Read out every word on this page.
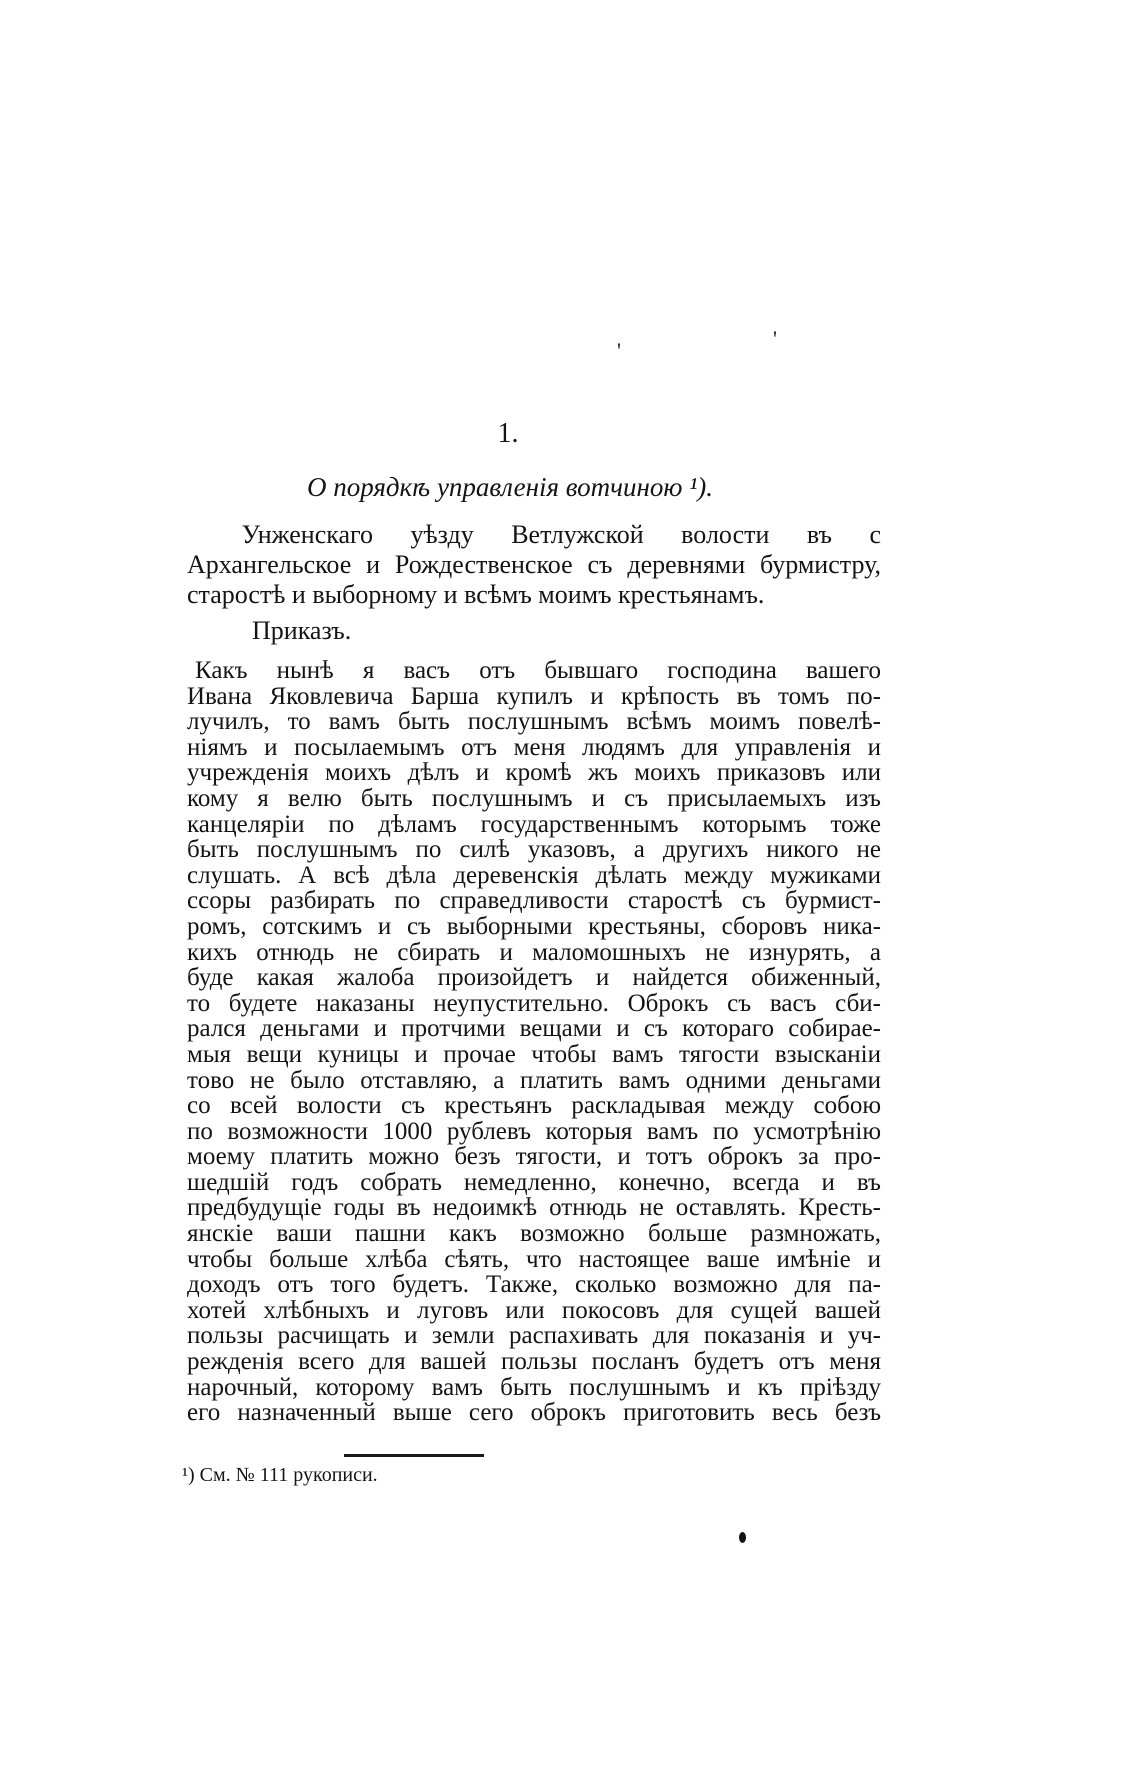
'	'
1.
О порядкѣ управленія вотчиною ¹).
Унженскаго уѣзду Ветлужской волости въ с Архангельское и Рождественское съ деревнями бурмистру, старостѣ и выборному и всѣмъ моимъ крестьянамъ.
Приказъ.
Какъ нынѣ я васъ отъ бывшаго господина вашего
Ивана Яковлевича Барша купилъ и крѣпость въ томъ по-
лучилъ, то вамъ быть послушнымъ всѣмъ моимъ повелѣ-
ніямъ и посылаемымъ отъ меня людямъ для управленія и
учрежденія моихъ дѣлъ и кромѣ жъ моихъ приказовъ или
кому я велю быть послушнымъ и съ присылаемыхъ изъ
канцеляріи по дѣламъ государственнымъ которымъ тоже
быть послушнымъ по силѣ указовъ, а другихъ никого не
слушать. А всѣ дѣла деревенскія дѣлать между мужиками
ссоры разбирать по справедливости старостѣ съ бурмист-
ромъ, сотскимъ и съ выборными крестьяны, сборовъ ника-
кихъ отнюдь не сбирать и маломошныхъ не изнурять, а
буде какая жалоба произойдетъ и найдется обиженный,
то будете наказаны неупустительно. Оброкъ съ васъ сби-
рался деньгами и протчими вещами и съ котораго собирае-
мыя вещи куницы и прочае чтобы вамъ тягости взысканіи
тово не было отставляю, а платить вамъ одними деньгами
со всей волости съ крестьянъ раскладывая между собою
по возможности 1000 рублевъ которыя вамъ по усмотрѣнію
моему платить можно безъ тягости, и тотъ оброкъ за про-
шедшій годъ собрать немедленно, конечно, всегда и въ
предбудущіе годы въ недоимкѣ отнюдь не оставлять. Кресть-
янскіе ваши пашни какъ возможно больше размножать,
чтобы больше хлѣба сѣять, что настоящее ваше имѣніе и
доходъ отъ того будетъ. Также, сколько возможно для па-
хотей хлѣбныхъ и луговъ или покосовъ для сущей вашей
пользы расчищать и земли распахивать для показанія и уч-
режденія всего для вашей пользы посланъ будетъ отъ меня
нарочный, которому вамъ быть послушнымъ и къ пріѣзду
его назначенный выше сего оброкъ приготовить весь безъ
¹) См. № 111 рукописи.
